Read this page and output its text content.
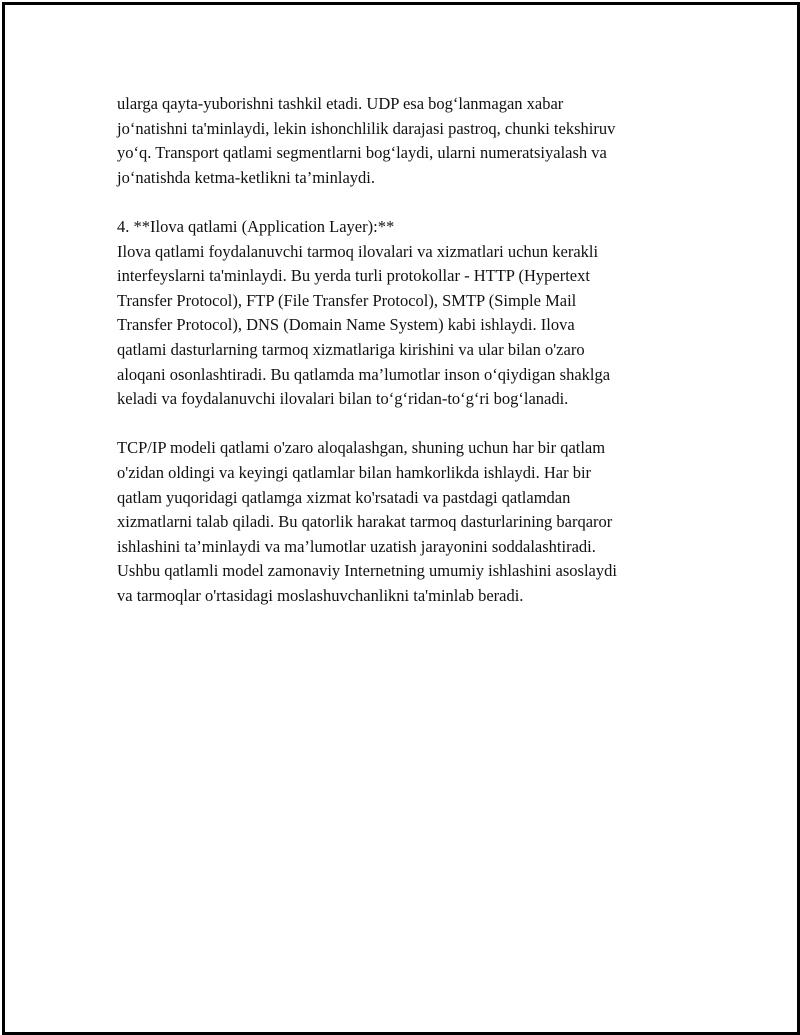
ularga qayta-yuborishni tashkil etadi. UDP esa bog‘lanmagan xabar
jo‘natishni ta'minlaydi, lekin ishonchlilik darajasi pastroq, chunki tekshiruv
yo‘q. Transport qatlami segmentlarni bog‘laydi, ularni numeratsiyalash va
jo‘natishda ketma-ketlikni ta’minlaydi.
4. **Ilova qatlami (Application Layer):**
Ilova qatlami foydalanuvchi tarmoq ilovalari va xizmatlari uchun kerakli
interfeyslarni ta'minlaydi. Bu yerda turli protokollar - HTTP (Hypertext
Transfer Protocol), FTP (File Transfer Protocol), SMTP (Simple Mail
Transfer Protocol), DNS (Domain Name System) kabi ishlaydi. Ilova
qatlami dasturlarning tarmoq xizmatlariga kirishini va ular bilan o'zaro
aloqani osonlashtiradi. Bu qatlamda ma’lumotlar inson o‘qiydigan shaklga
keladi va foydalanuvchi ilovalari bilan to‘g‘ridan-to‘g‘ri bog‘lanadi.
TCP/IP modeli qatlami o'zaro aloqalashgan, shuning uchun har bir qatlam
o'zidan oldingi va keyingi qatlamlar bilan hamkorlikda ishlaydi. Har bir
qatlam yuqoridagi qatlamga xizmat ko'rsatadi va pastdagi qatlamdan
xizmatlarni talab qiladi. Bu qatorlik harakat tarmoq dasturlarining barqaror
ishlashini ta’minlaydi va ma’lumotlar uzatish jarayonini soddalashtiradi.
Ushbu qatlamli model zamonaviy Internetning umumiy ishlashini asoslaydi
va tarmoqlar o'rtasidagi moslashuvchanlikni ta'minlab beradi.
